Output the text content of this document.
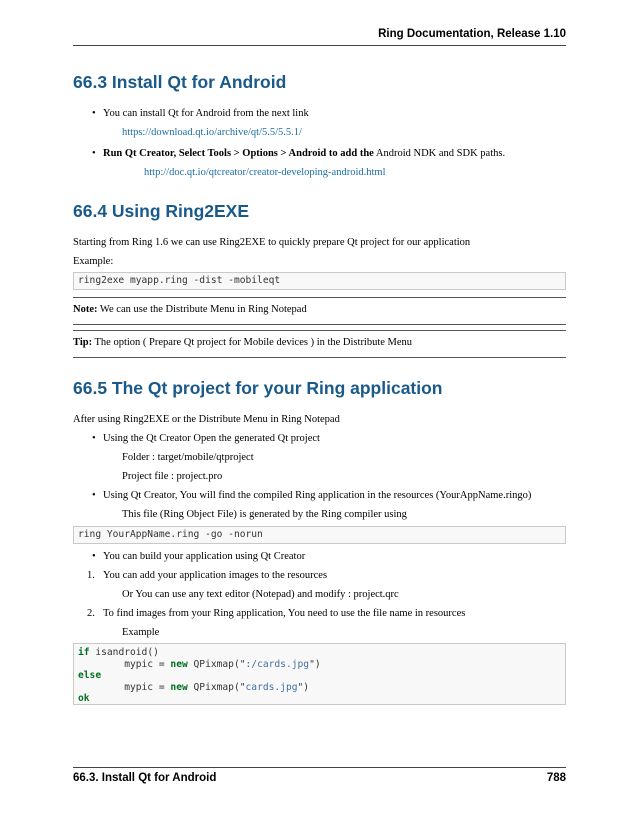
Ring Documentation, Release 1.10
66.3 Install Qt for Android
• You can install Qt for Android from the next link
https://download.qt.io/archive/qt/5.5/5.5.1/
• Run Qt Creator, Select Tools > Options > Android to add the Android NDK and SDK paths.
http://doc.qt.io/qtcreator/creator-developing-android.html
66.4 Using Ring2EXE
Starting from Ring 1.6 we can use Ring2EXE to quickly prepare Qt project for our application
Example:
ring2exe myapp.ring -dist -mobileqt
Note: We can use the Distribute Menu in Ring Notepad
Tip: The option ( Prepare Qt project for Mobile devices ) in the Distribute Menu
66.5 The Qt project for your Ring application
After using Ring2EXE or the Distribute Menu in Ring Notepad
• Using the Qt Creator Open the generated Qt project
Folder : target/mobile/qtproject
Project file : project.pro
• Using Qt Creator, You will find the compiled Ring application in the resources (YourAppName.ringo)
This file (Ring Object File) is generated by the Ring compiler using
ring YourAppName.ring -go -norun
• You can build your application using Qt Creator
1. You can add your application images to the resources
Or You can use any text editor (Notepad) and modify : project.qrc
2. To find images from your Ring application, You need to use the file name in resources
Example
if isandroid()
mypic = new QPixmap(":/cards.jpg")
else
mypic = new QPixmap("cards.jpg")
ok
66.3. Install Qt for Android	788
